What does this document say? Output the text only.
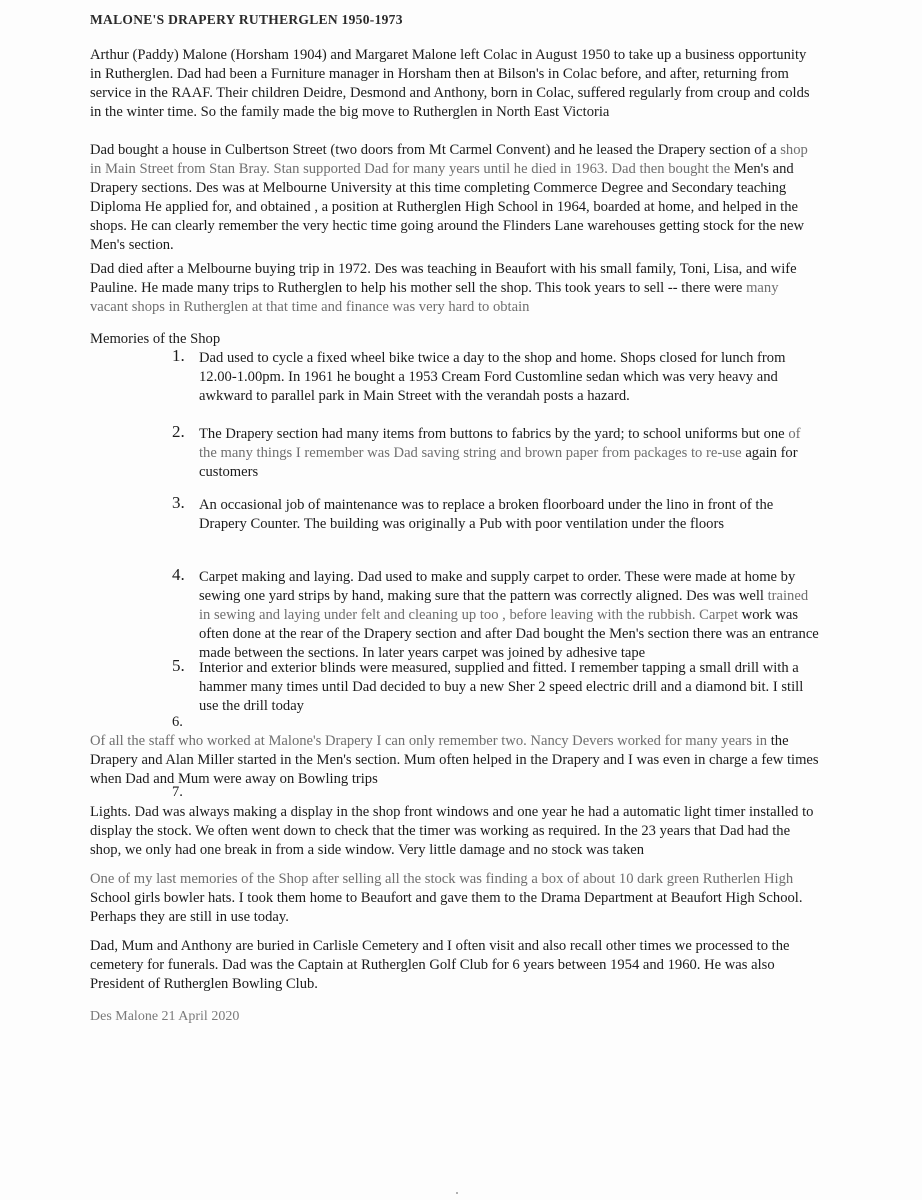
MALONE'S DRAPERY RUTHERGLEN 1950-1973

Arthur (Paddy) Malone (Horsham 1904) and Margaret Malone left Colac in August 1950 to take up a business opportunity in Rutherglen. Dad had been a Furniture manager in Horsham then at Bilson's in Colac before, and after, returning from service in the RAAF. Their children Deidre, Desmond and Anthony, born in Colac, suffered regularly from croup and colds in the winter time. So the family made the big move to Rutherglen in North East Victoria

Dad bought a house in Culbertson Street (two doors from Mt Carmel Convent) and he leased the Drapery section of a shop in Main Street from Stan Bray. Stan supported Dad for many years until he died in 1963. Dad then bought the Men's and Drapery sections. Des was at Melbourne University at this time completing Commerce Degree and Secondary teaching Diploma He applied for, and obtained , a position at Rutherglen High School in 1964, boarded at home, and helped in the shops. He can clearly remember the very hectic time going around the Flinders Lane warehouses getting stock for the new Men's section.
Dad died after a Melbourne buying trip in 1972. Des was teaching in Beaufort with his small family, Toni, Lisa, and wife Pauline. He made many trips to Rutherglen to help his mother sell the shop. This took years to sell -- there were many vacant shops in Rutherglen at that time and finance was very hard to obtain

Memories of the Shop

1. Dad used to cycle a fixed wheel bike twice a day to the shop and home. Shops closed for lunch from 12.00-1.00pm. In 1961 he bought a 1953 Cream Ford Customline sedan which was very heavy and awkward to parallel park in Main Street with the verandah posts a hazard.

2. The Drapery section had many items from buttons to fabrics by the yard; to school uniforms but one of the many things I remember was Dad saving string and brown paper from packages to re-use again for customers
3. An occasional job of maintenance was to replace a broken floorboard under the lino in front of the Drapery Counter. The building was originally a Pub with poor ventilation under the floors

4. Carpet making and laying. Dad used to make and supply carpet to order. These were made at home by sewing one yard strips by hand, making sure that the pattern was correctly aligned. Des was well trained in sewing and laying under felt and cleaning up too , before leaving with the rubbish. Carpet work was often done at the rear of the Drapery section and after Dad bought the Men's section there was an entrance made between the sections. In later years carpet was joined by adhesive tape
5. Interior and exterior blinds were measured, supplied and fitted. I remember tapping a small drill with a hammer many times until Dad decided to buy a new Sher 2 speed electric drill and a diamond bit. I still use the drill today

6.

Of all the staff who worked at Malone's Drapery I can only remember two. Nancy Devers worked for many years in the Drapery and Alan Miller started in the Men's section. Mum often helped in the Drapery and I was even in charge a few times when Dad and Mum were away on Bowling trips

7.

Lights. Dad was always making a display in the shop front windows and one year he had a automatic light timer installed to display the stock. We often went down to check that the timer was working as required. In the 23 years that Dad had the shop, we only had one break in from a side window. Very little damage and no stock was taken

One of my last memories of the Shop after selling all the stock was finding a box of about 10 dark green Rutherlen High School girls bowler hats. I took them home to Beaufort and gave them to the Drama Department at Beaufort High School. Perhaps they are still in use today.

Dad, Mum and Anthony are buried in Carlisle Cemetery and I often visit and also recall other times we processed to the cemetery for funerals. Dad was the Captain at Rutherglen Golf Club for 6 years between 1954 and 1960. He was also President of Rutherglen Bowling Club.

Des Malone 21 April 2020
